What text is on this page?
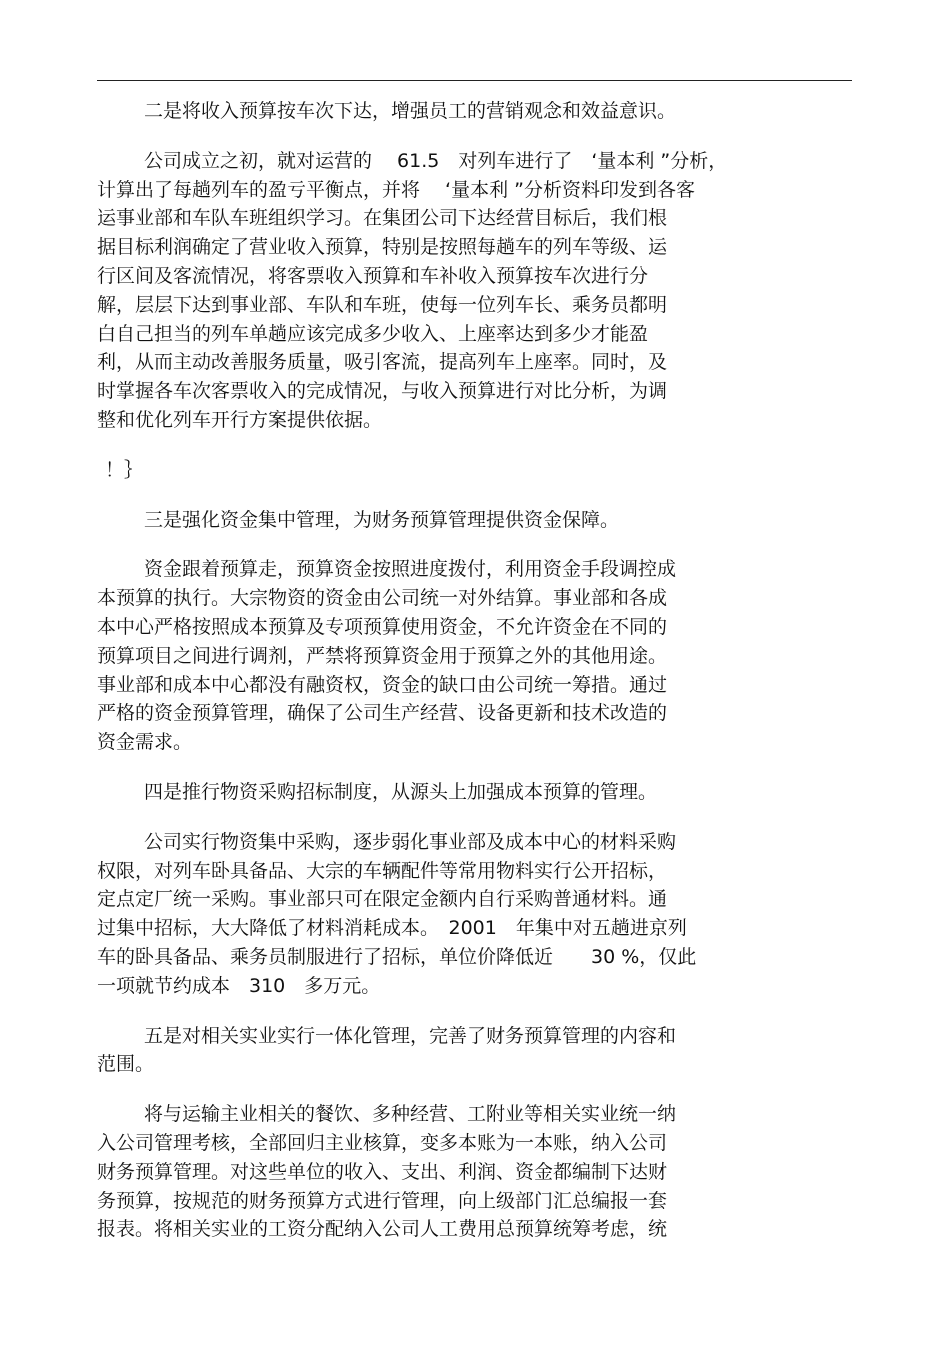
二是将收入预算按车次下达，增强员工的营销观念和效益意识。

公司成立之初，就对运营的　 61.5　对列车进行了　‘量本利 ”分析，
计算出了每趟列车的盈亏平衡点，并将　 ‘量本利 ”分析资料印发到各客
运事业部和车队车班组织学习。在集团公司下达经营目标后，我们根
据目标利润确定了营业收入预算，特别是按照每趟车的列车等级、运
行区间及客流情况，将客票收入预算和车补收入预算按车次进行分
解，层层下达到事业部、车队和车班，使每一位列车长、乘务员都明
白自己担当的列车单趟应该完成多少收入、上座率达到多少才能盈
利，从而主动改善服务质量，吸引客流，提高列车上座率。同时，及
时掌握各车次客票收入的完成情况，与收入预算进行对比分析，为调
整和优化列车开行方案提供依据。

！｝

三是强化资金集中管理，为财务预算管理提供资金保障。

资金跟着预算走，预算资金按照进度拨付，利用资金手段调控成
本预算的执行。大宗物资的资金由公司统一对外结算。事业部和各成
本中心严格按照成本预算及专项预算使用资金，不允许资金在不同的
预算项目之间进行调剂，严禁将预算资金用于预算之外的其他用途。
事业部和成本中心都没有融资权，资金的缺口由公司统一筹措。通过
严格的资金预算管理，确保了公司生产经营、设备更新和技术改造的
资金需求。

四是推行物资采购招标制度，从源头上加强成本预算的管理。

公司实行物资集中采购，逐步弱化事业部及成本中心的材料采购
权限，对列车卧具备品、大宗的车辆配件等常用物料实行公开招标，
定点定厂统一采购。事业部只可在限定金额内自行采购普通材料。通
过集中招标，大大降低了材料消耗成本。　2001　年集中对五趟进京列
车的卧具备品、乘务员制服进行了招标，单位价降低近　　30 %，仅此
一项就节约成本　310　多万元。
五是对相关实业实行一体化管理，完善了财务预算管理的内容和
范围。
将与运输主业相关的餐饮、多种经营、工附业等相关实业统一纳
入公司管理考核，全部回归主业核算，变多本账为一本账，纳入公司
财务预算管理。对这些单位的收入、支出、利润、资金都编制下达财
务预算，按规范的财务预算方式进行管理，向上级部门汇总编报一套
报表。将相关实业的工资分配纳入公司人工费用总预算统筹考虑，统
